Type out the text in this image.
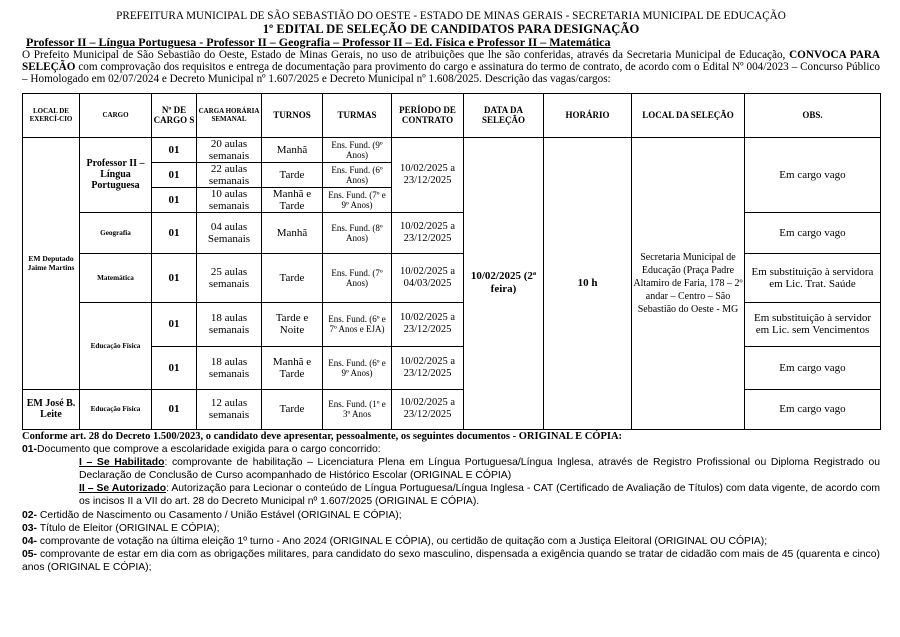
PREFEITURA MUNICIPAL DE SÃO SEBASTIÃO DO OESTE - ESTADO DE MINAS GERAIS - SECRETARIA MUNICIPAL DE EDUCAÇÃO
1º EDITAL DE SELEÇÃO DE CANDIDATOS PARA DESIGNAÇÃO
Professor II – Língua Portuguesa - Professor II – Geografia – Professor II – Ed. Física e Professor II – Matemática
O Prefeito Municipal de São Sebastião do Oeste, Estado de Minas Gerais, no uso de atribuições que lhe são conferidas, através da Secretaria Municipal de Educação, CONVOCA PARA SELEÇÃO com comprovação dos requisitos e entrega de documentação para provimento do cargo e assinatura do termo de contrato, de acordo com o Edital Nº 004/2023 – Concurso Público – Homologado em 02/07/2024 e Decreto Municipal nº 1.607/2025 e Decreto Municipal nº 1.608/2025. Descrição das vagas/cargos:
LOCAL DE EXERCÍ-CIO	CARGO	Nº DE CARGO S	CARGA HORÁRIA SEMANAL	TURNOS	TURMAS	PERÍODO DE CONTRATO	DATA DA SELEÇÃO	HORÁRIO	LOCAL DA SELEÇÃO	OBS.
EM Deputado Jaime Martins	Professor II – Língua Portuguesa	01	20 aulas semanais	Manhã	Ens. Fund. (9º Anos)	10/02/2025 a 23/12/2025	10/02/2025 (2ª feira)	10 h	Secretaria Municipal de Educação (Praça Padre Altamiro de Faria, 178 – 2º andar – Centro – São Sebastião do Oeste - MG	Em cargo vago
		01	22 aulas semanais	Tarde	Ens. Fund. (6º Anos)					
		01	10 aulas semanais	Manhã e Tarde	Ens. Fund. (7º e 9º Anos)					
	Geografia	01	04 aulas Semanais	Manhã	Ens. Fund. (8º Anos)	10/02/2025 a 23/12/2025				Em cargo vago
	Matemática	01	25 aulas semanais	Tarde	Ens. Fund. (7º Anos)	10/02/2025 a 04/03/2025				Em substituição à servidora em Lic. Trat. Saúde
	Educação Física	01	18 aulas semanais	Tarde e Noite	Ens. Fund. (6º e 7º Anos e EJA)	10/02/2025 a 23/12/2025				Em substituição à servidor em Lic. sem Vencimentos
		01	18 aulas semanais	Manhã e Tarde	Ens. Fund. (6º e 9º Anos)	10/02/2025 a 23/12/2025				Em cargo vago
EM José B. Leite	Educação Física	01	12 aulas semanais	Tarde	Ens. Fund. (1º e 3º Anos	10/02/2025 a 23/12/2025				Em cargo vago
Conforme art. 28 do Decreto 1.500/2023, o candidato deve apresentar, pessoalmente, os seguintes documentos - ORIGINAL E CÓPIA:
01-Documento que comprove a escolaridade exigida para o cargo concorrido:
I – Se Habilitado: comprovante de habilitação – Licenciatura Plena em Língua Portuguesa/Língua Inglesa, através de Registro Profissional ou Diploma Registrado ou Declaração de Conclusão de Curso acompanhado de Histórico Escolar (ORIGINAL E CÓPIA)
II – Se Autorizado: Autorização para Lecionar o conteúdo de Língua Portuguesa/Língua Inglesa - CAT (Certificado de Avaliação de Títulos) com data vigente, de acordo com os incisos II a VII do art. 28 do Decreto Municipal nº 1.607/2025 (ORIGINAL E CÓPIA).
02- Certidão de Nascimento ou Casamento / União Estável (ORIGINAL E CÓPIA);
03- Título de Eleitor (ORIGINAL E CÓPIA);
04- comprovante de votação na última eleição 1º turno - Ano 2024 (ORIGINAL E CÓPIA), ou certidão de quitação com a Justiça Eleitoral (ORIGINAL OU CÓPIA);
05- comprovante de estar em dia com as obrigações militares, para candidato do sexo masculino, dispensada a exigência quando se tratar de cidadão com mais de 45 (quarenta e cinco) anos (ORIGINAL E CÓPIA);
